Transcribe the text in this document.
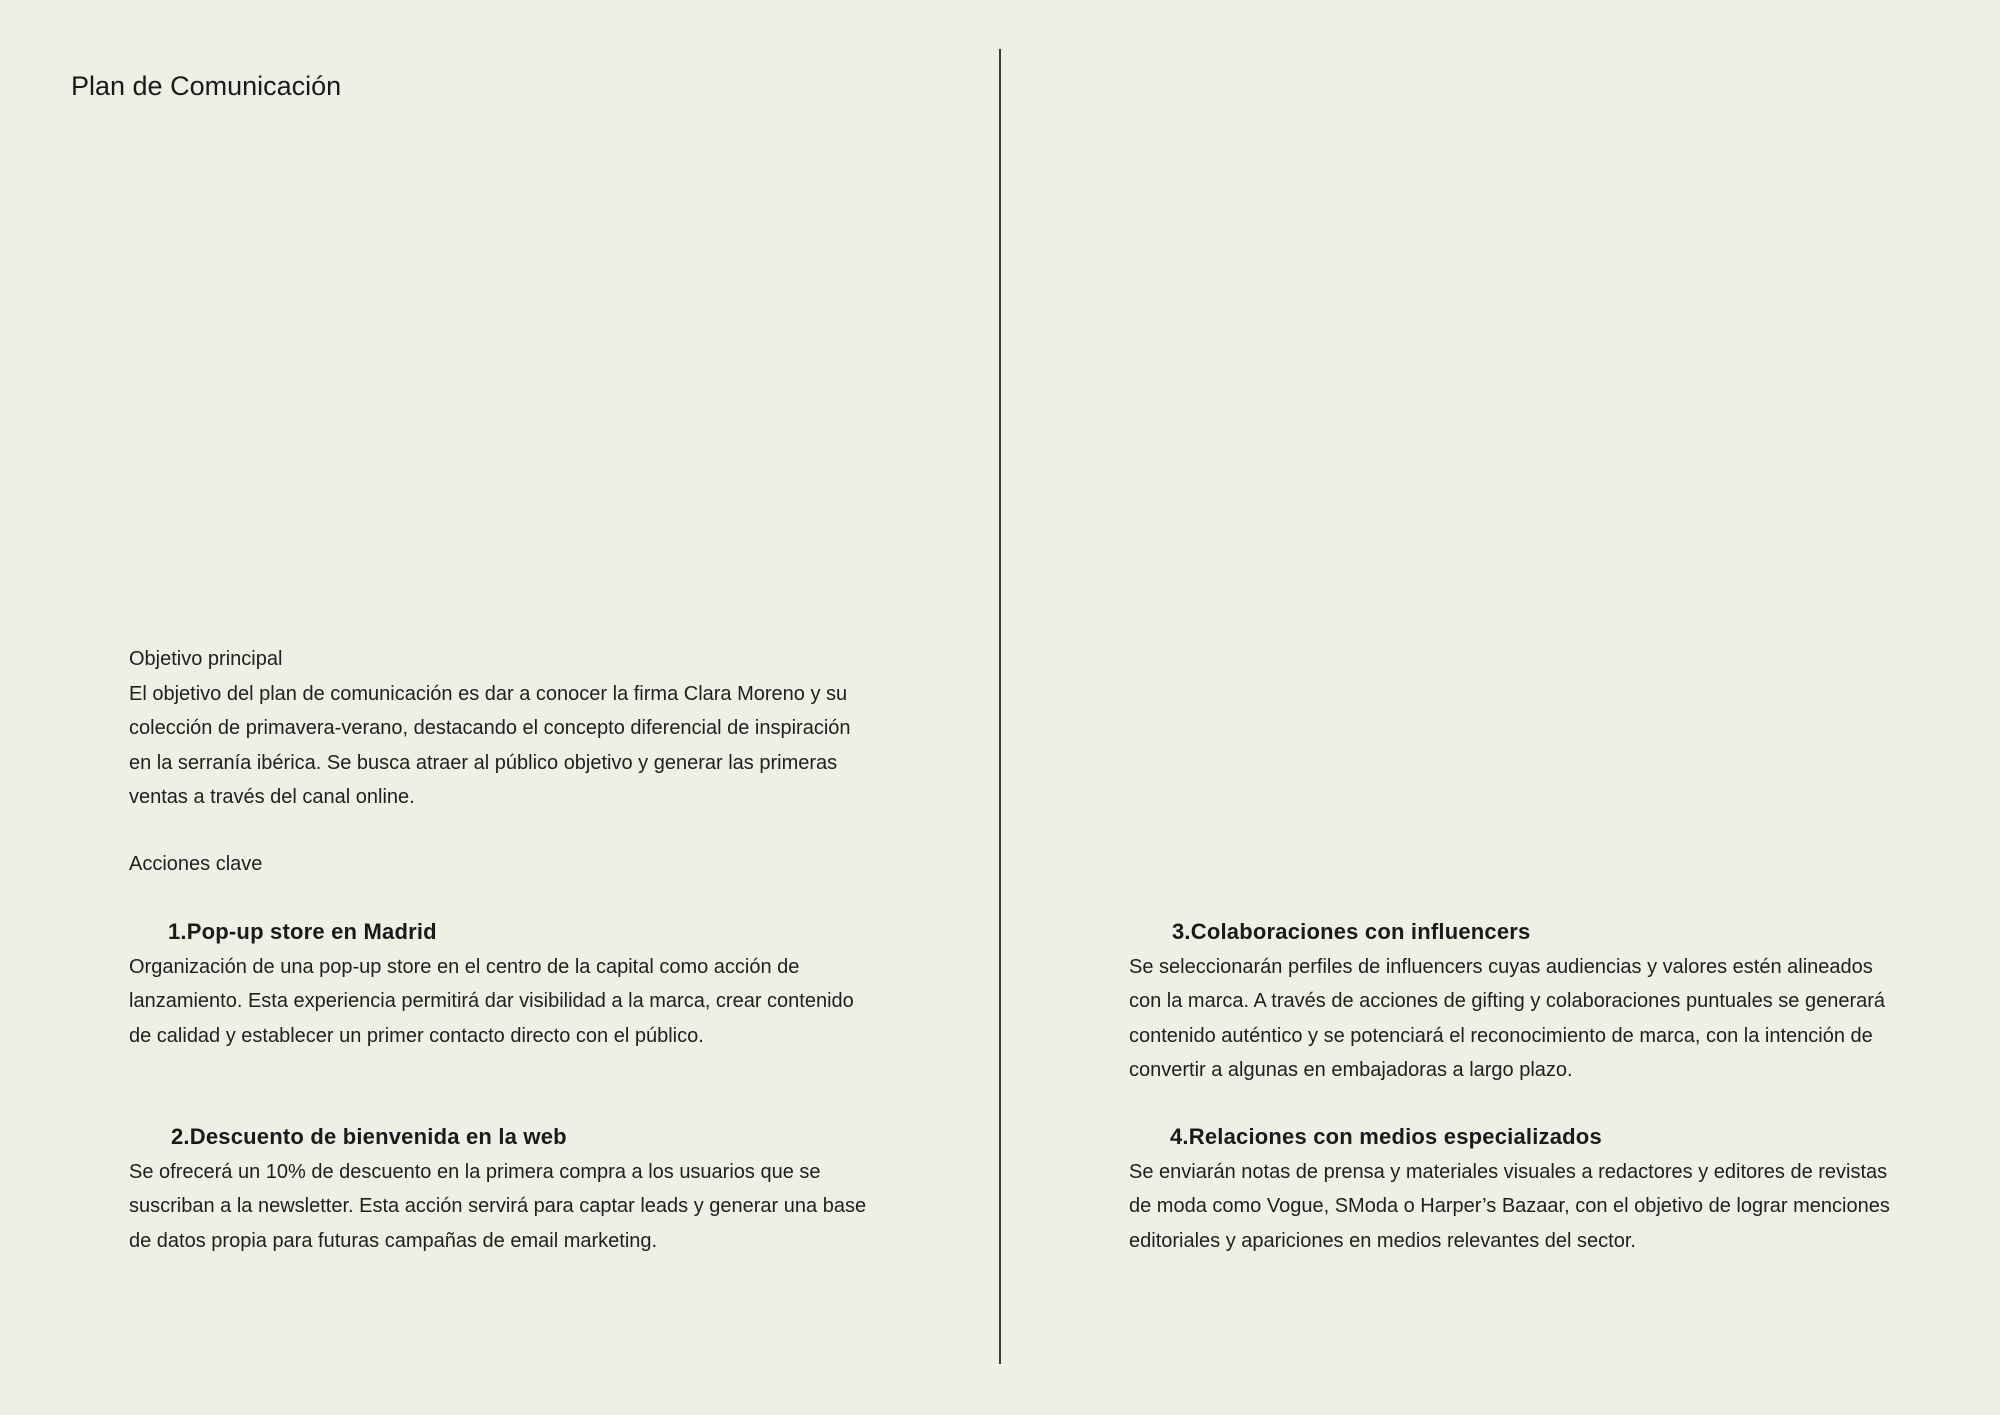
Plan de Comunicación
Objetivo principal

El objetivo del plan de comunicación es dar a conocer la firma Clara Moreno y su colección de primavera-verano, destacando el concepto diferencial de inspiración en la serranía ibérica. Se busca atraer al público objetivo y generar las primeras ventas a través del canal online.

Acciones clave
1.Pop-up store en Madrid

Organización de una pop-up store en el centro de la capital como acción de lanzamiento. Esta experiencia permitirá dar visibilidad a la marca, crear contenido de calidad y establecer un primer contacto directo con el público.

2.Descuento de bienvenida en la web

Se ofrecerá un 10% de descuento en la primera compra a los usuarios que se suscriban a la newsletter. Esta acción servirá para captar leads y generar una base de datos propia para futuras campañas de email marketing.

3.Colaboraciones con influencers

Se seleccionarán perfiles de influencers cuyas audiencias y valores estén alineados con la marca. A través de acciones de gifting y colaboraciones puntuales se generará contenido auténtico y se potenciará el reconocimiento de marca, con la intención de convertir a algunas en embajadoras a largo plazo.

4.Relaciones con medios especializados

Se enviarán notas de prensa y materiales visuales a redactores y editores de revistas de moda como Vogue, SModa o Harper’s Bazaar, con el objetivo de lograr menciones editoriales y apariciones en medios relevantes del sector.
